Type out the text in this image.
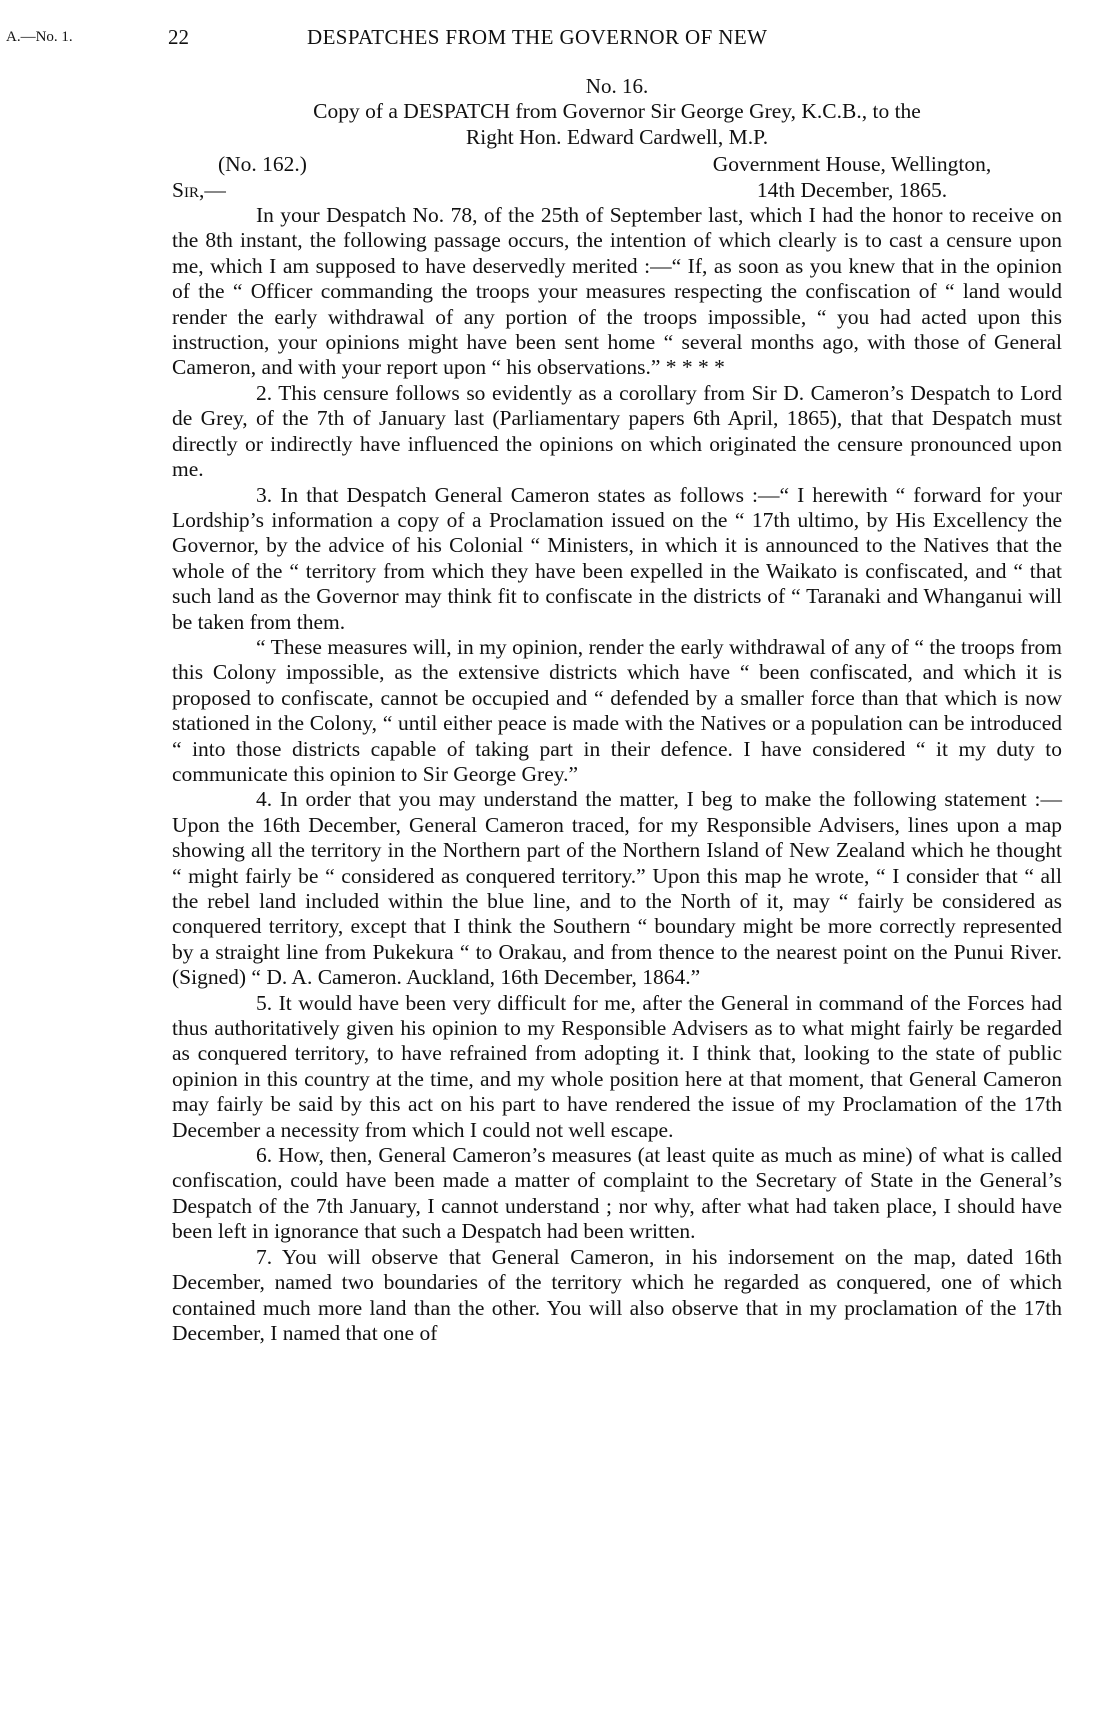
A.—No. 1.	22	DESPATCHES FROM THE GOVERNOR OF NEW
No. 16.
Copy of a DESPATCH from Governor Sir George Grey, K.C.B., to the
Right Hon. Edward Cardwell, M.P.
(No. 162.)	Government House, Wellington,
Sir,—	14th December, 1865.

In your Despatch No. 78, of the 25th of September last, which I had the honor to receive on the 8th instant, the following passage occurs, the intention of which clearly is to cast a censure upon me, which I am supposed to have deservedly merited :—“ If, as soon as you knew that in the opinion of the “ Officer commanding the troops your measures respecting the confiscation of “ land would render the early withdrawal of any portion of the troops impossible, “ you had acted upon this instruction, your opinions might have been sent home “ several months ago, with those of General Cameron, and with your report upon “ his observations.” * * * *

2. This censure follows so evidently as a corollary from Sir D. Cameron’s Despatch to Lord de Grey, of the 7th of January last (Parliamentary papers 6th April, 1865), that that Despatch must directly or indirectly have influenced the opinions on which originated the censure pronounced upon me.

3. In that Despatch General Cameron states as follows :—“ I herewith “ forward for your Lordship’s information a copy of a Proclamation issued on the “ 17th ultimo, by His Excellency the Governor, by the advice of his Colonial “ Ministers, in which it is announced to the Natives that the whole of the “ territory from which they have been expelled in the Waikato is confiscated, and “ that such land as the Governor may think fit to confiscate in the districts of “ Taranaki and Whanganui will be taken from them.

“ These measures will, in my opinion, render the early withdrawal of any of “ the troops from this Colony impossible, as the extensive districts which have “ been confiscated, and which it is proposed to confiscate, cannot be occupied and “ defended by a smaller force than that which is now stationed in the Colony, “ until either peace is made with the Natives or a population can be introduced “ into those districts capable of taking part in their defence. I have considered “ it my duty to communicate this opinion to Sir George Grey.”

4. In order that you may understand the matter, I beg to make the following statement :—Upon the 16th December, General Cameron traced, for my Responsible Advisers, lines upon a map showing all the territory in the Northern part of the Northern Island of New Zealand which he thought “ might fairly be “ considered as conquered territory.” Upon this map he wrote, “ I consider that “ all the rebel land included within the blue line, and to the North of it, may “ fairly be considered as conquered territory, except that I think the Southern “ boundary might be more correctly represented by a straight line from Pukekura “ to Orakau, and from thence to the nearest point on the Punui River. (Signed) “ D. A. Cameron. Auckland, 16th December, 1864.”

5. It would have been very difficult for me, after the General in command of the Forces had thus authoritatively given his opinion to my Responsible Advisers as to what might fairly be regarded as conquered territory, to have refrained from adopting it. I think that, looking to the state of public opinion in this country at the time, and my whole position here at that moment, that General Cameron may fairly be said by this act on his part to have rendered the issue of my Proclamation of the 17th December a necessity from which I could not well escape.

6. How, then, General Cameron’s measures (at least quite as much as mine) of what is called confiscation, could have been made a matter of complaint to the Secretary of State in the General’s Despatch of the 7th January, I cannot understand ; nor why, after what had taken place, I should have been left in ignorance that such a Despatch had been written.

7. You will observe that General Cameron, in his indorsement on the map, dated 16th December, named two boundaries of the territory which he regarded as conquered, one of which contained much more land than the other. You will also observe that in my proclamation of the 17th December, I named that one of
